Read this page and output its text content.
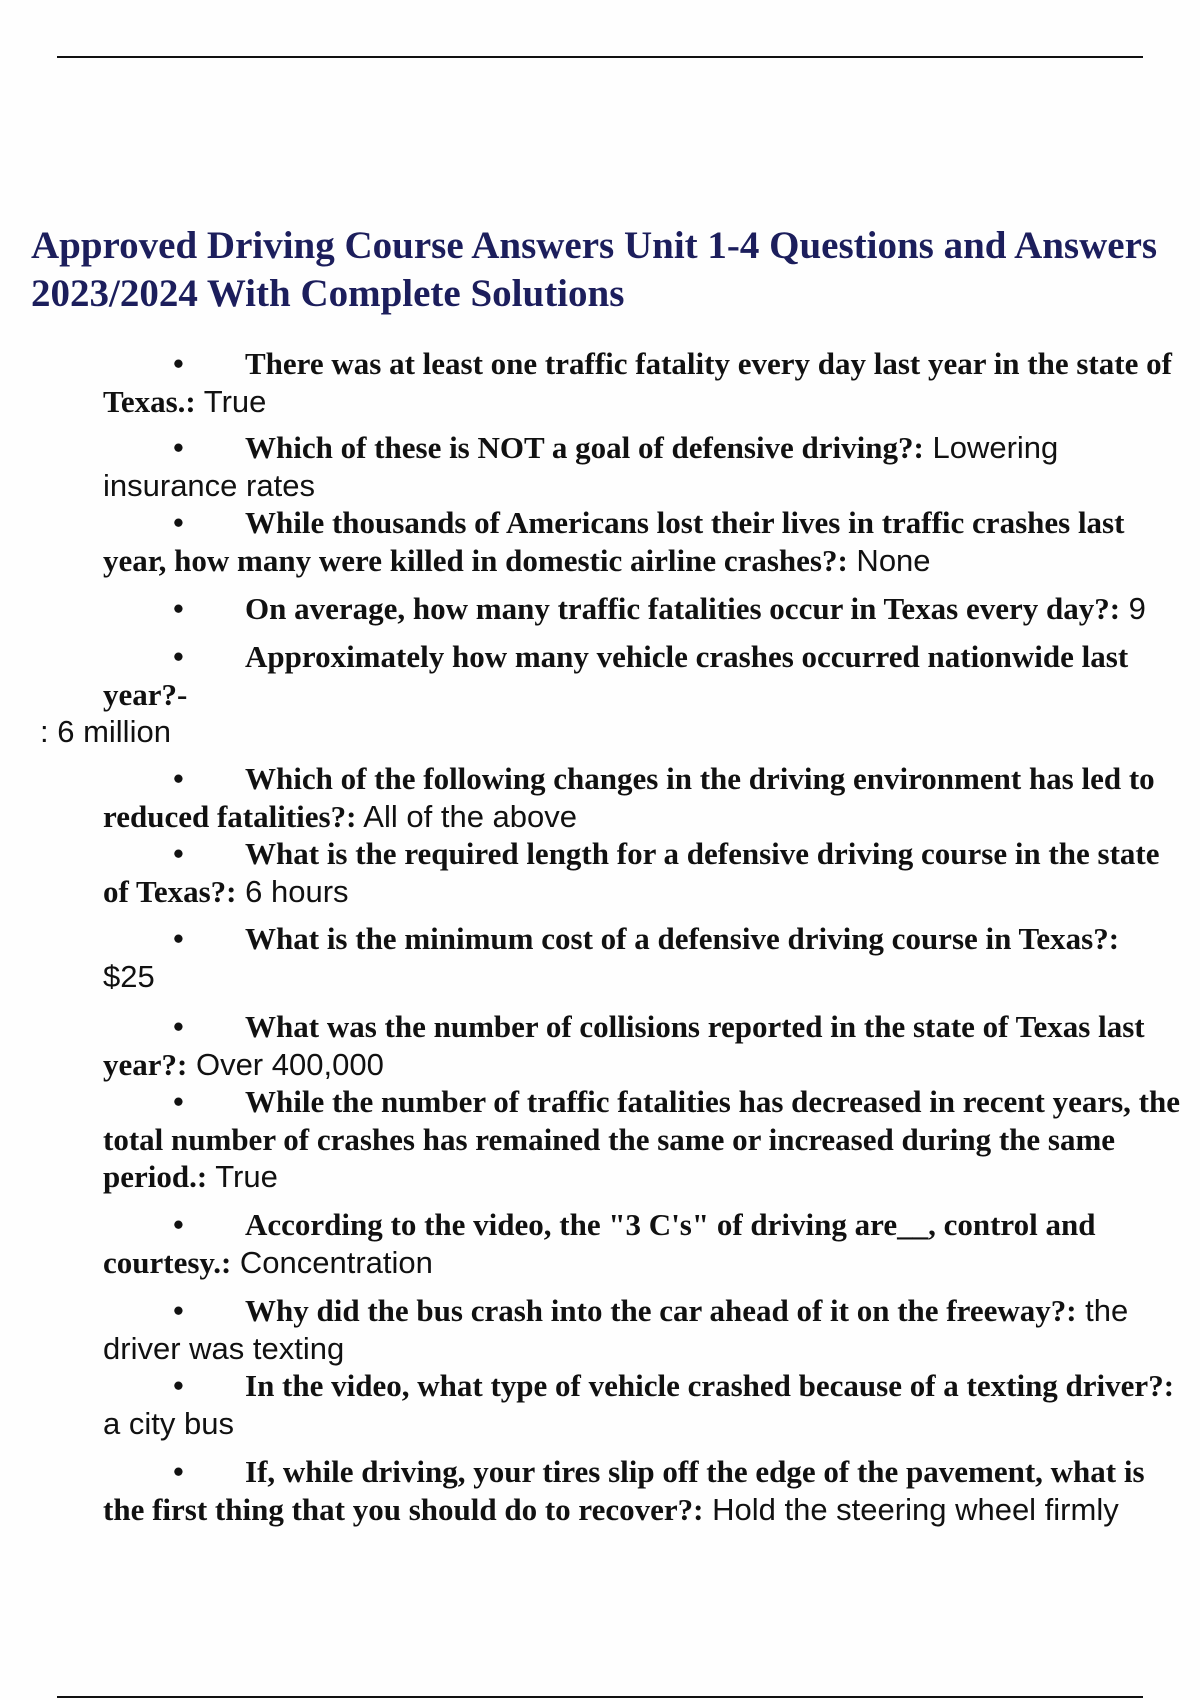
Approved Driving Course Answers Unit 1-4 Questions and Answers
2023/2024 With Complete Solutions
• There was at least one traffic fatality every day last year in the state of Texas.: True
• Which of these is NOT a goal of defensive driving?: Lowering insurance rates
• While thousands of Americans lost their lives in traffic crashes last year, how many were killed in domestic airline crashes?: None
• On average, how many traffic fatalities occur in Texas every day?: 9
• Approximately how many vehicle crashes occurred nationwide last year?-
: 6 million
• Which of the following changes in the driving environment has led to reduced fatalities?: All of the above
• What is the required length for a defensive driving course in the state of Texas?: 6 hours
• What is the minimum cost of a defensive driving course in Texas?:
$25
• What was the number of collisions reported in the state of Texas last year?: Over 400,000
• While the number of traffic fatalities has decreased in recent years, the total number of crashes has remained the same or increased during the same period.: True
• According to the video, the "3 C's" of driving are__, control and courtesy.: Concentration
• Why did the bus crash into the car ahead of it on the freeway?: the driver was texting
• In the video, what type of vehicle crashed because of a texting driver?: a city bus
• If, while driving, your tires slip off the edge of the pavement, what is the first thing that you should do to recover?: Hold the steering wheel firmly
